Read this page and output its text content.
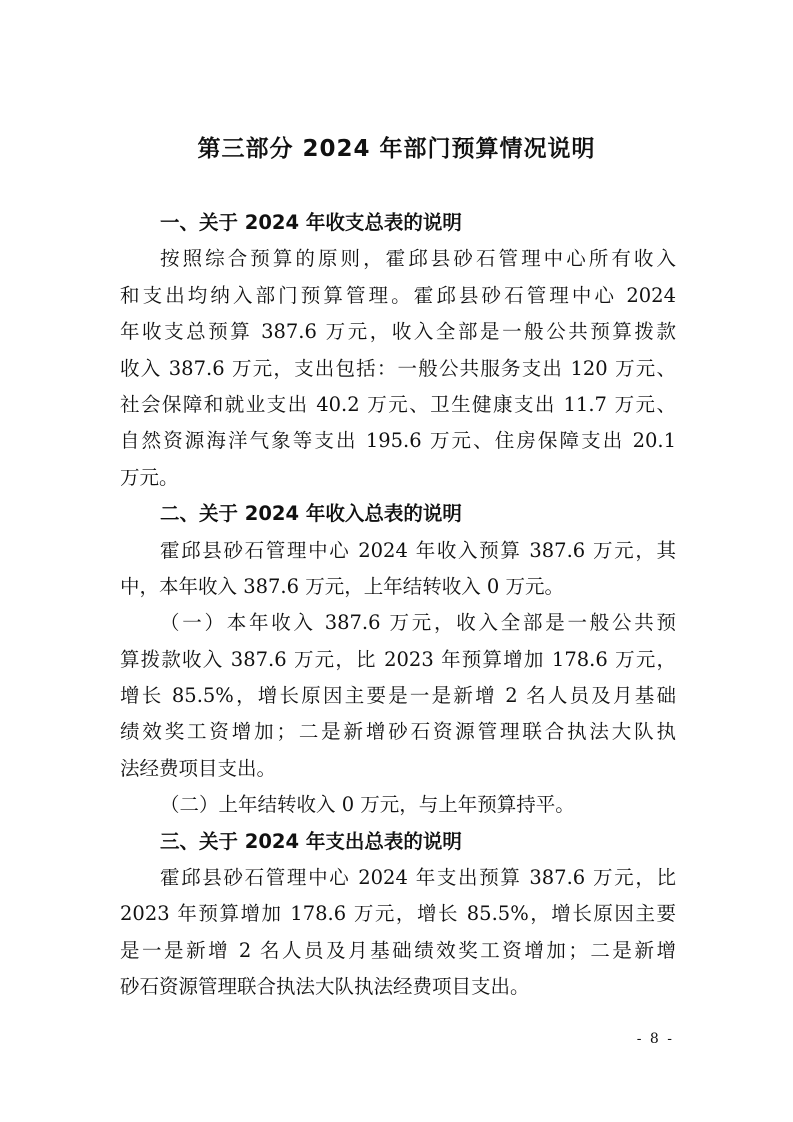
第三部分 2024 年部门预算情况说明
一、关于 2024 年收支总表的说明
按照综合预算的原则，霍邱县砂石管理中心所有收入
和支出均纳入部门预算管理。霍邱县砂石管理中心 2024
年收支总预算 387.6 万元，收入全部是一般公共预算拨款
收入 387.6 万元，支出包括：一般公共服务支出 120 万元、
社会保障和就业支出 40.2 万元、卫生健康支出 11.7 万元、
自然资源海洋气象等支出 195.6 万元、住房保障支出 20.1
万元。
二、关于 2024 年收入总表的说明
霍邱县砂石管理中心 2024 年收入预算 387.6 万元，其
中，本年收入 387.6 万元，上年结转收入 0 万元。
（一）本年收入 387.6 万元，收入全部是一般公共预
算拨款收入 387.6 万元，比 2023 年预算增加 178.6 万元，
增长 85.5%，增长原因主要是一是新增 2 名人员及月基础
绩效奖工资增加；二是新增砂石资源管理联合执法大队执
法经费项目支出。
（二）上年结转收入 0 万元，与上年预算持平。
三、关于 2024 年支出总表的说明
霍邱县砂石管理中心 2024 年支出预算 387.6 万元，比
2023 年预算增加 178.6 万元，增长 85.5%，增长原因主要
是一是新增 2 名人员及月基础绩效奖工资增加；二是新增
砂石资源管理联合执法大队执法经费项目支出。
- 8 -
